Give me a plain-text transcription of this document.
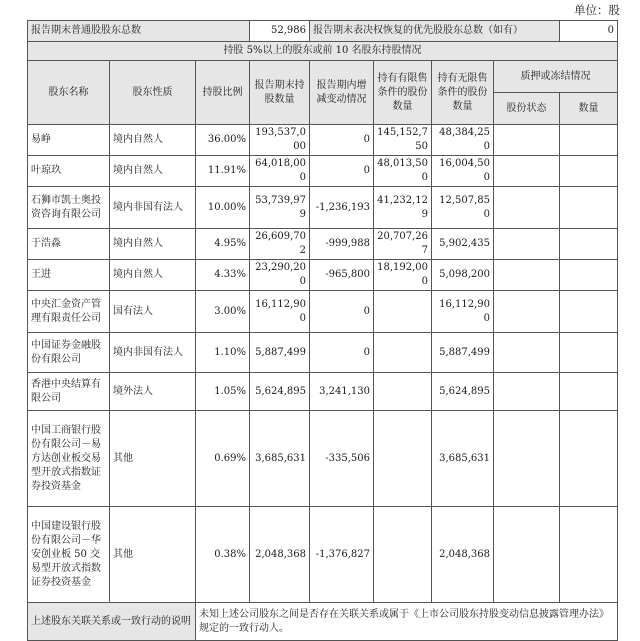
单位：股
报告期末普通股股东总数			52,986	报告期末表决权恢复的优先股股东总数（如有）				0
持股 5%以上的股东或前 10 名股东持股情况								
股东名称	股东性质	持股比例	报告期末持股数量	报告期内增减变动情况	持有有限售条件的股份数量	持有无限售条件的股份数量	质押或冻结情况	
							股份状态	数量
易峥	境内自然人	36.00%	193,537,000	0	145,152,750	48,384,250		
叶琼玖	境内自然人	11.91%	64,018,000	0	48,013,500	16,004,500		
石狮市凯士奥投资咨询有限公司	境内非国有法人	10.00%	53,739,979	-1,236,193	41,232,129	12,507,850		
于浩淼	境内自然人	4.95%	26,609,702	-999,988	20,707,267	5,902,435		
王进	境内自然人	4.33%	23,290,200	-965,800	18,192,000	5,098,200		
中央汇金资产管理有限责任公司	国有法人	3.00%	16,112,900	0		16,112,900		
中国证券金融股份有限公司	境内非国有法人	1.10%	5,887,499	0		5,887,499		
香港中央结算有限公司	境外法人	1.05%	5,624,895	3,241,130		5,624,895		
中国工商银行股份有限公司－易方达创业板交易型开放式指数证券投资基金	其他	0.69%	3,685,631	-335,506		3,685,631		
中国建设银行股份有限公司－华安创业板 50 交易型开放式指数证券投资基金	其他	0.38%	2,048,368	-1,376,827		2,048,368		
上述股东关联关系或一致行动的说明		未知上述公司股东之间是否存在关联关系或属于《上市公司股东持股变动信息披露管理办法》规定的一致行动人。						
